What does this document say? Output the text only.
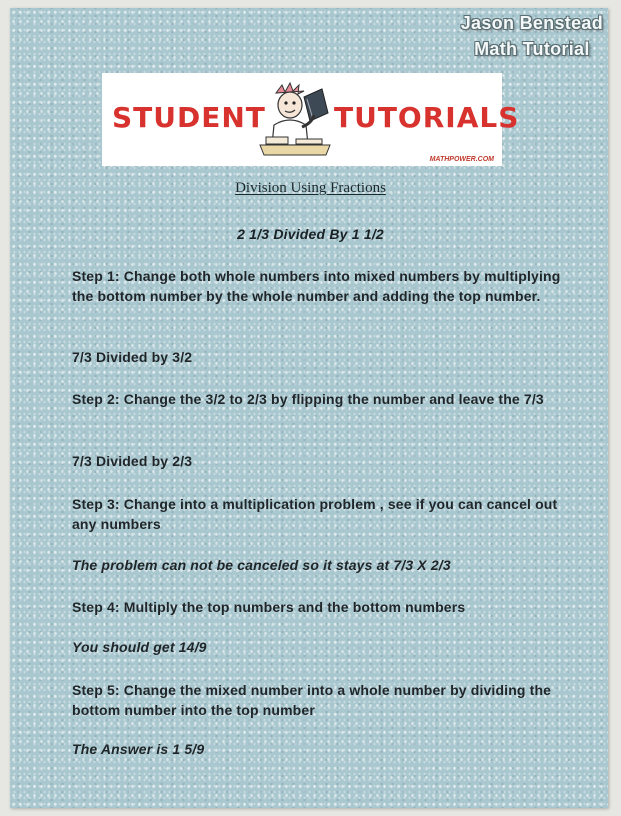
Jason Benstead
Math Tutorial
STUDENT TUTORIALS
MATHPOWER.COM
Division Using Fractions
2 1/3 Divided By 1 1/2
Step 1: Change both whole numbers into mixed numbers by multiplying the bottom number by the whole number and adding the top number.
7/3 Divided by 3/2
Step 2: Change the 3/2 to 2/3 by flipping the number and leave the 7/3
7/3 Divided by 2/3
Step 3: Change into a multiplication problem , see if you can cancel out any numbers
The problem can not be canceled so it stays at 7/3 X 2/3
Step 4: Multiply the top numbers and the bottom numbers
You should get 14/9
Step 5: Change the mixed number into a whole number by dividing the bottom number into the top number
The Answer is 1 5/9
